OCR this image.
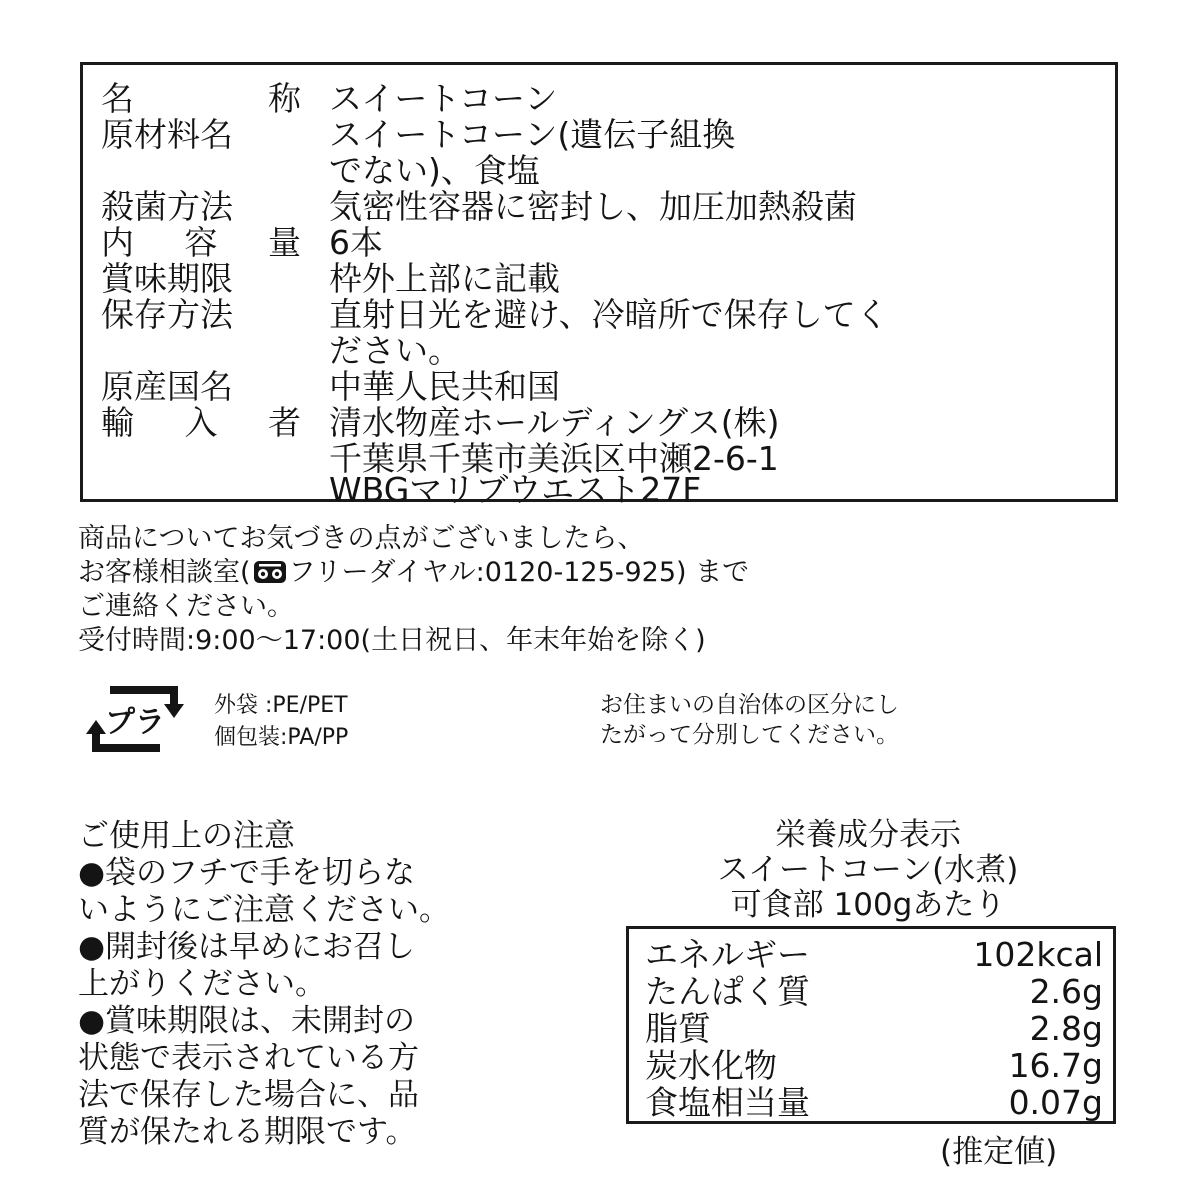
名	称 スイートコーン
原材料名	スイートコーン(遺伝子組換
でない)、食塩
殺菌方法	気密性容器に密封し、加圧加熱殺菌
内 容 量 6本
賞味期限	枠外上部に記載
保存方法	直射日光を避け、冷暗所で保存してく
ださい。
原産国名	中華人民共和国
輸 入 者 清水物産ホールディングス(株)
千葉県千葉市美浜区中瀬2-6-1
WBGマリブウエスト27F
商品についてお気づきの点がございましたら、
お客様相談室( フリーダイヤル:0120-125-925) まで
ご連絡ください。
受付時間:9:00〜17:00(土日祝日、年末年始を除く)
プラ 外袋 :PE/PET
個包装:PA/PP
お住まいの自治体の区分にし
たがって分別してください。
ご使用上の注意
●袋のフチで手を切らな
いようにご注意ください。
●開封後は早めにお召し
上がりください。
●賞味期限は、未開封の
状態で表示されている方
法で保存した場合に、品
質が保たれる期限です。
栄養成分表示
スイートコーン(水煮)
可食部 100gあたり
エネルギー	102kcal
たんぱく質	2.6g
脂質	2.8g
炭水化物	16.7g
食塩相当量	0.07g
(推定値)
